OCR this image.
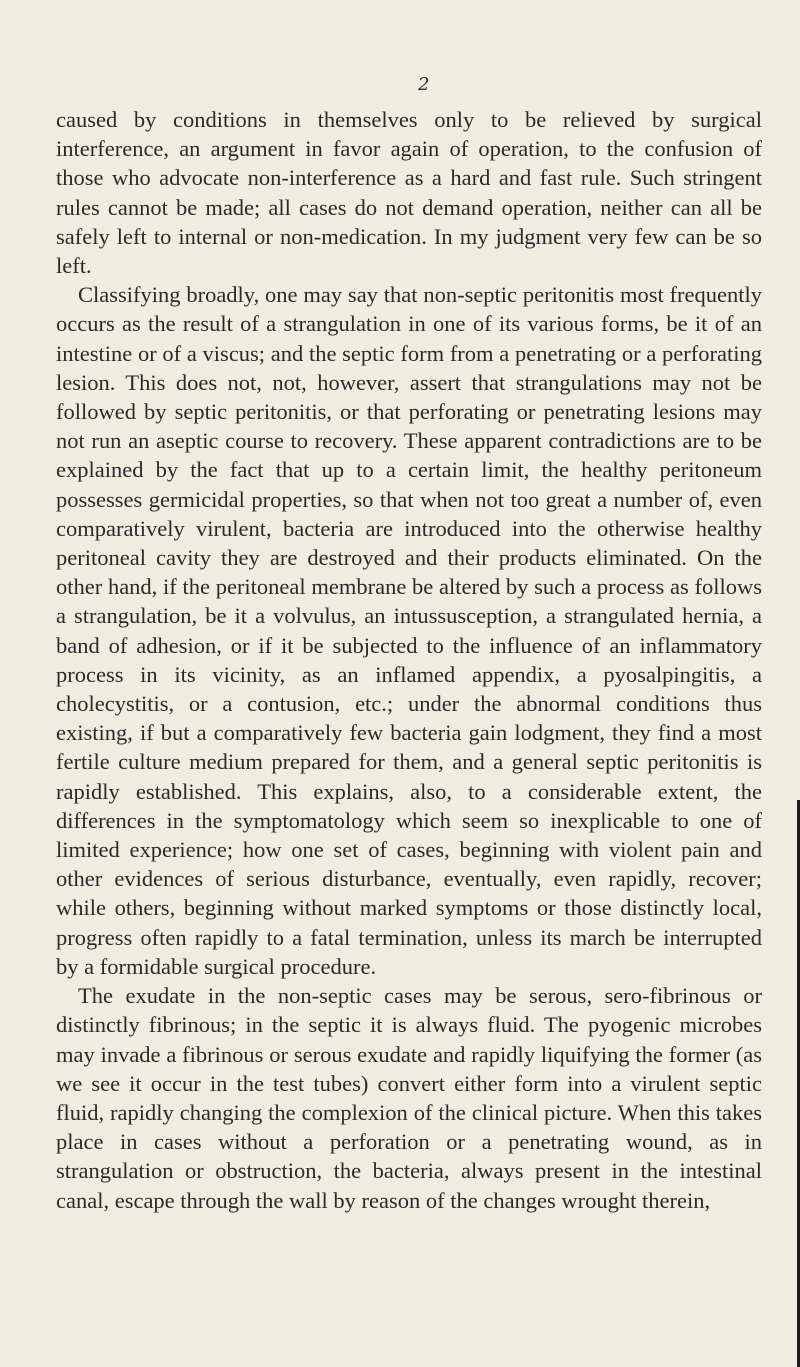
2

caused by conditions in themselves only to be relieved by surgical interference, an argument in favor again of operation, to the confusion of those who advocate non-interference as a hard and fast rule. Such stringent rules cannot be made; all cases do not demand operation, neither can all be safely left to internal or non-medication. In my judgment very few can be so left.

Classifying broadly, one may say that non-septic peritonitis most frequently occurs as the result of a strangulation in one of its various forms, be it of an intestine or of a viscus; and the septic form from a penetrating or a perforating lesion. This does not, not, however, assert that strangulations may not be followed by septic peritonitis, or that perforating or penetrating lesions may not run an aseptic course to recovery. These apparent contradictions are to be explained by the fact that up to a certain limit, the healthy peritoneum possesses germicidal properties, so that when not too great a number of, even comparatively virulent, bacteria are introduced into the otherwise healthy peritoneal cavity they are destroyed and their products eliminated. On the other hand, if the peritoneal membrane be altered by such a process as follows a strangulation, be it a volvulus, an intussusception, a strangulated hernia, a band of adhesion, or if it be subjected to the influence of an inflammatory process in its vicinity, as an inflamed appendix, a pyosalpingitis, a cholecystitis, or a contusion, etc.; under the abnormal conditions thus existing, if but a comparatively few bacteria gain lodgment, they find a most fertile culture medium prepared for them, and a general septic peritonitis is rapidly established. This explains, also, to a considerable extent, the differences in the symptomatology which seem so inexplicable to one of limited experience; how one set of cases, beginning with violent pain and other evidences of serious disturbance, eventually, even rapidly, recover; while others, beginning without marked symptoms or those distinctly local, progress often rapidly to a fatal termination, unless its march be interrupted by a formidable surgical procedure.

The exudate in the non-septic cases may be serous, sero-fibrinous or distinctly fibrinous; in the septic it is always fluid. The pyogenic microbes may invade a fibrinous or serous exudate and rapidly liquifying the former (as we see it occur in the test tubes) convert either form into a virulent septic fluid, rapidly changing the complexion of the clinical picture. When this takes place in cases without a perforation or a penetrating wound, as in strangulation or obstruction, the bacteria, always present in the intestinal canal, escape through the wall by reason of the changes wrought therein,
